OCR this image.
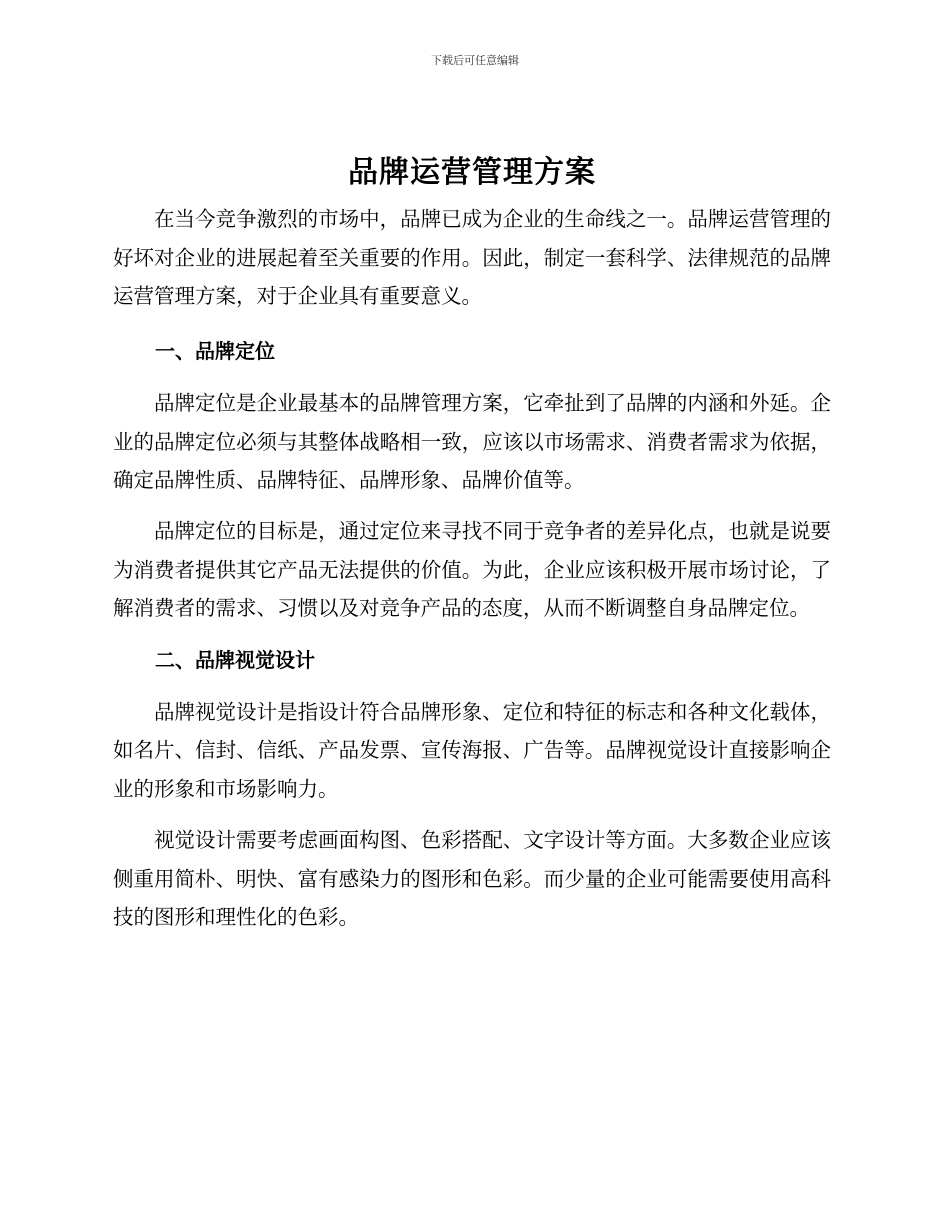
下载后可任意编辑
品牌运营管理方案

在当今竞争激烈的市场中，品牌已成为企业的生命线之一。品牌运营管理的好坏对企业的进展起着至关重要的作用。因此，制定一套科学、法律规范的品牌运营管理方案，对于企业具有重要意义。

一、品牌定位

品牌定位是企业最基本的品牌管理方案，它牵扯到了品牌的内涵和外延。企业的品牌定位必须与其整体战略相一致，应该以市场需求、消费者需求为依据，确定品牌性质、品牌特征、品牌形象、品牌价值等。

品牌定位的目标是，通过定位来寻找不同于竞争者的差异化点，也就是说要为消费者提供其它产品无法提供的价值。为此，企业应该积极开展市场讨论，了解消费者的需求、习惯以及对竞争产品的态度，从而不断调整自身品牌定位。

二、品牌视觉设计

品牌视觉设计是指设计符合品牌形象、定位和特征的标志和各种文化载体，如名片、信封、信纸、产品发票、宣传海报、广告等。品牌视觉设计直接影响企业的形象和市场影响力。

视觉设计需要考虑画面构图、色彩搭配、文字设计等方面。大多数企业应该侧重用简朴、明快、富有感染力的图形和色彩。而少量的企业可能需要使用高科技的图形和理性化的色彩。
